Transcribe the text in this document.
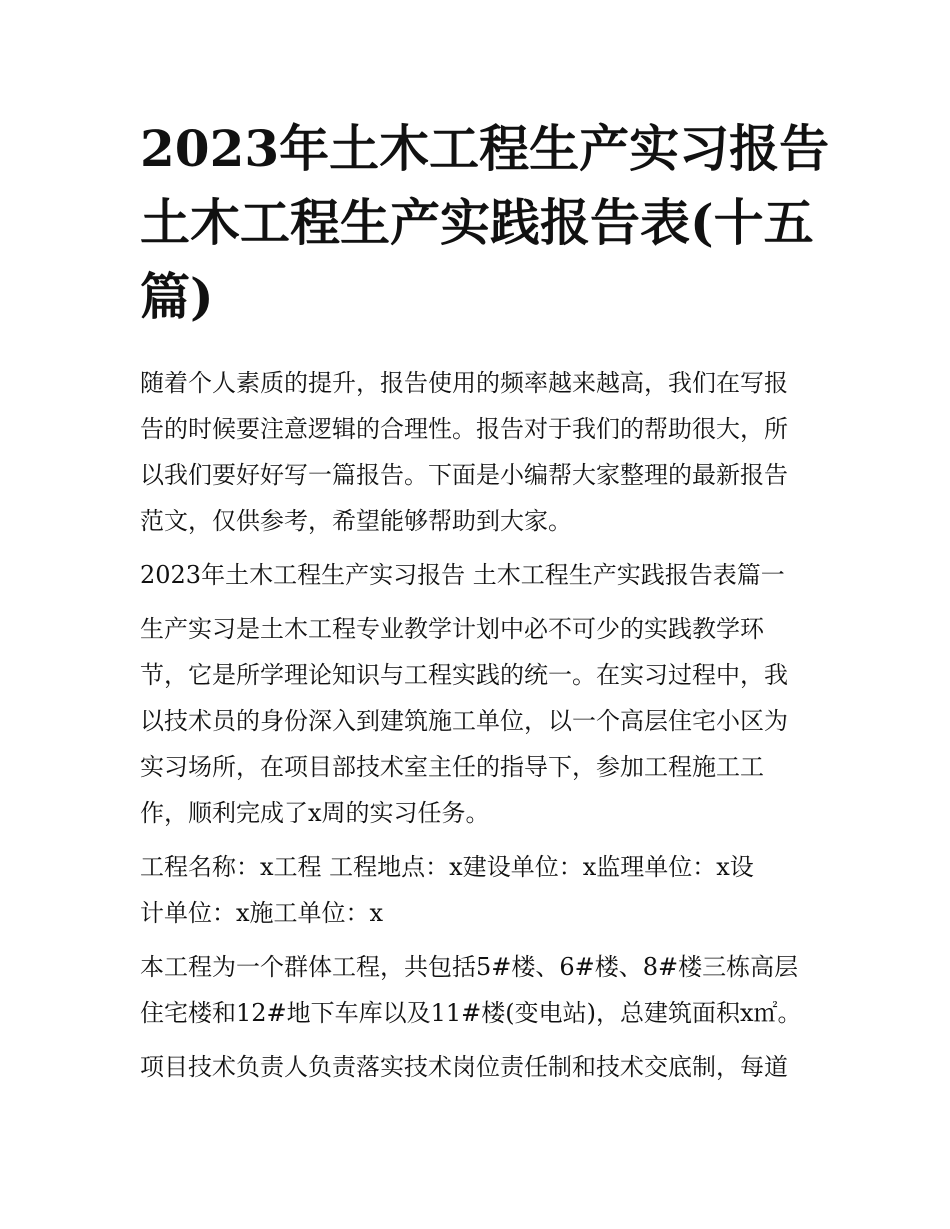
2023年土木工程生产实习报告
土木工程生产实践报告表(十五
篇)

随着个人素质的提升，报告使用的频率越来越高，我们在写报
告的时候要注意逻辑的合理性。报告对于我们的帮助很大，所
以我们要好好写一篇报告。下面是小编帮大家整理的最新报告
范文，仅供参考，希望能够帮助到大家。

2023年土木工程生产实习报告 土木工程生产实践报告表篇一

生产实习是土木工程专业教学计划中必不可少的实践教学环
节，它是所学理论知识与工程实践的统一。在实习过程中，我
以技术员的身份深入到建筑施工单位，以一个高层住宅小区为
实习场所，在项目部技术室主任的指导下，参加工程施工工
作，顺利完成了x周的实习任务。

工程名称：x工程 工程地点：x建设单位：x监理单位：x设
计单位：x施工单位：x

本工程为一个群体工程，共包括5#楼、6#楼、8#楼三栋高层
住宅楼和12#地下车库以及11#楼(变电站)，总建筑面积x㎡。

项目技术负责人负责落实技术岗位责任制和技术交底制，每道
